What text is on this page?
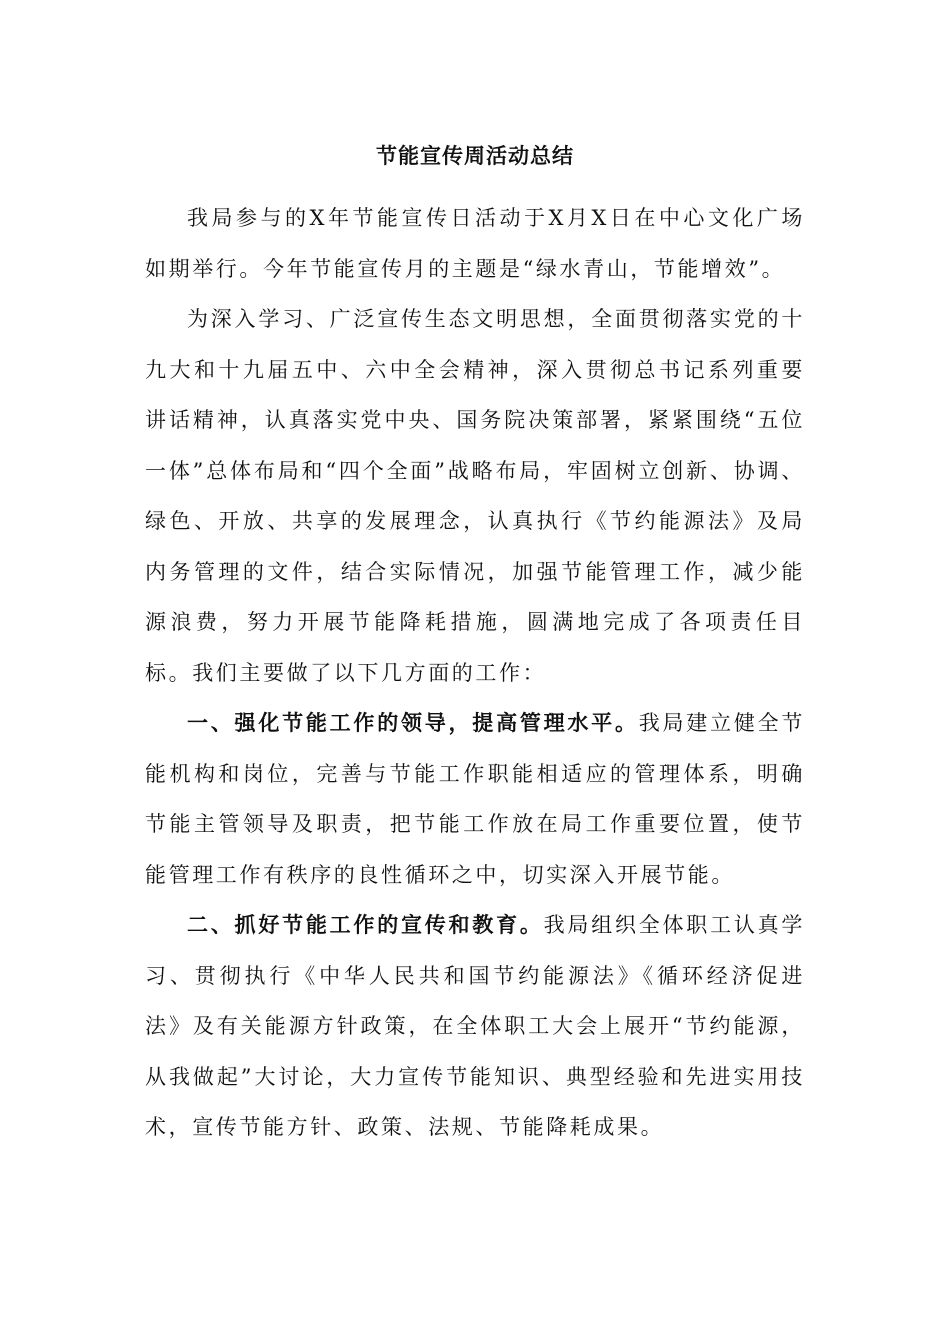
节能宣传周活动总结

我局参与的X年节能宣传日活动于X月X日在中心文化广场如期举行。今年节能宣传月的主题是“绿水青山，节能增效”。

为深入学习、广泛宣传生态文明思想，全面贯彻落实党的十九大和十九届五中、六中全会精神，深入贯彻总书记系列重要讲话精神，认真落实党中央、国务院决策部署，紧紧围绕“五位一体”总体布局和“四个全面”战略布局，牢固树立创新、协调、绿色、开放、共享的发展理念，认真执行《节约能源法》及局内务管理的文件，结合实际情况，加强节能管理工作，减少能源浪费，努力开展节能降耗措施，圆满地完成了各项责任目标。我们主要做了以下几方面的工作：

一、强化节能工作的领导，提高管理水平。我局建立健全节能机构和岗位，完善与节能工作职能相适应的管理体系，明确节能主管领导及职责，把节能工作放在局工作重要位置，使节能管理工作有秩序的良性循环之中，切实深入开展节能。

二、抓好节能工作的宣传和教育。我局组织全体职工认真学习、贯彻执行《中华人民共和国节约能源法》《循环经济促进法》及有关能源方针政策，在全体职工大会上展开“节约能源，从我做起”大讨论，大力宣传节能知识、典型经验和先进实用技术，宣传节能方针、政策、法规、节能降耗成果。
